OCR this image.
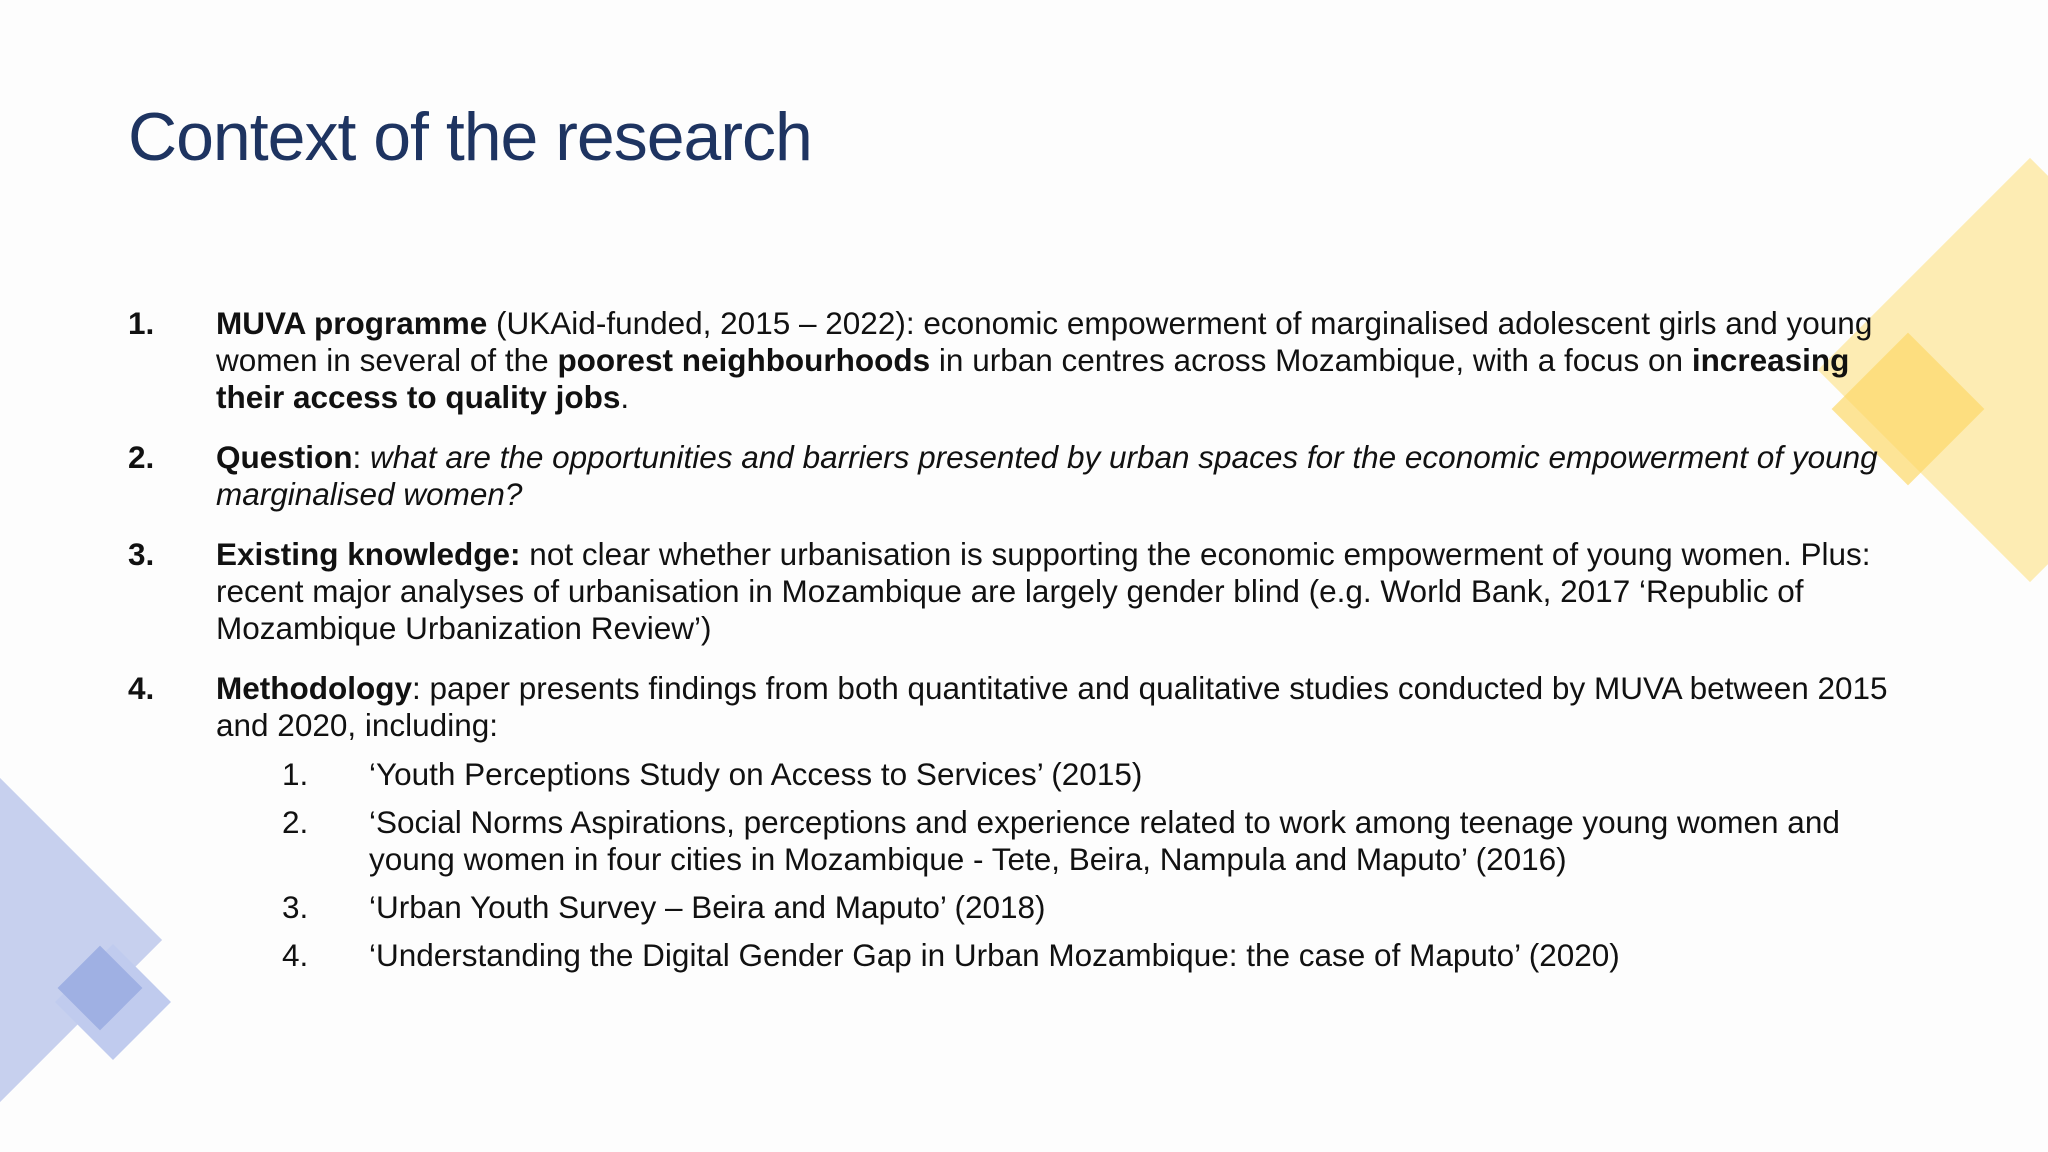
Context of the research
1.	MUVA programme (UKAid-funded, 2015 – 2022): economic empowerment of marginalised adolescent girls and young women in several of the poorest neighbourhoods in urban centres across Mozambique, with a focus on increasing their access to quality jobs.
2.	Question: what are the opportunities and barriers presented by urban spaces for the economic empowerment of young marginalised women?
3.	Existing knowledge: not clear whether urbanisation is supporting the economic empowerment of young women. Plus: recent major analyses of urbanisation in Mozambique are largely gender blind (e.g. World Bank, 2017 ‘Republic of Mozambique Urbanization Review’)
4.	Methodology: paper presents findings from both quantitative and qualitative studies conducted by MUVA between 2015 and 2020, including:
1.	‘Youth Perceptions Study on Access to Services’ (2015)
2.	‘Social Norms Aspirations, perceptions and experience related to work among teenage young women and young women in four cities in Mozambique - Tete, Beira, Nampula and Maputo’ (2016)
3.	‘Urban Youth Survey – Beira and Maputo’ (2018)
4.	‘Understanding the Digital Gender Gap in Urban Mozambique: the case of Maputo’ (2020)
